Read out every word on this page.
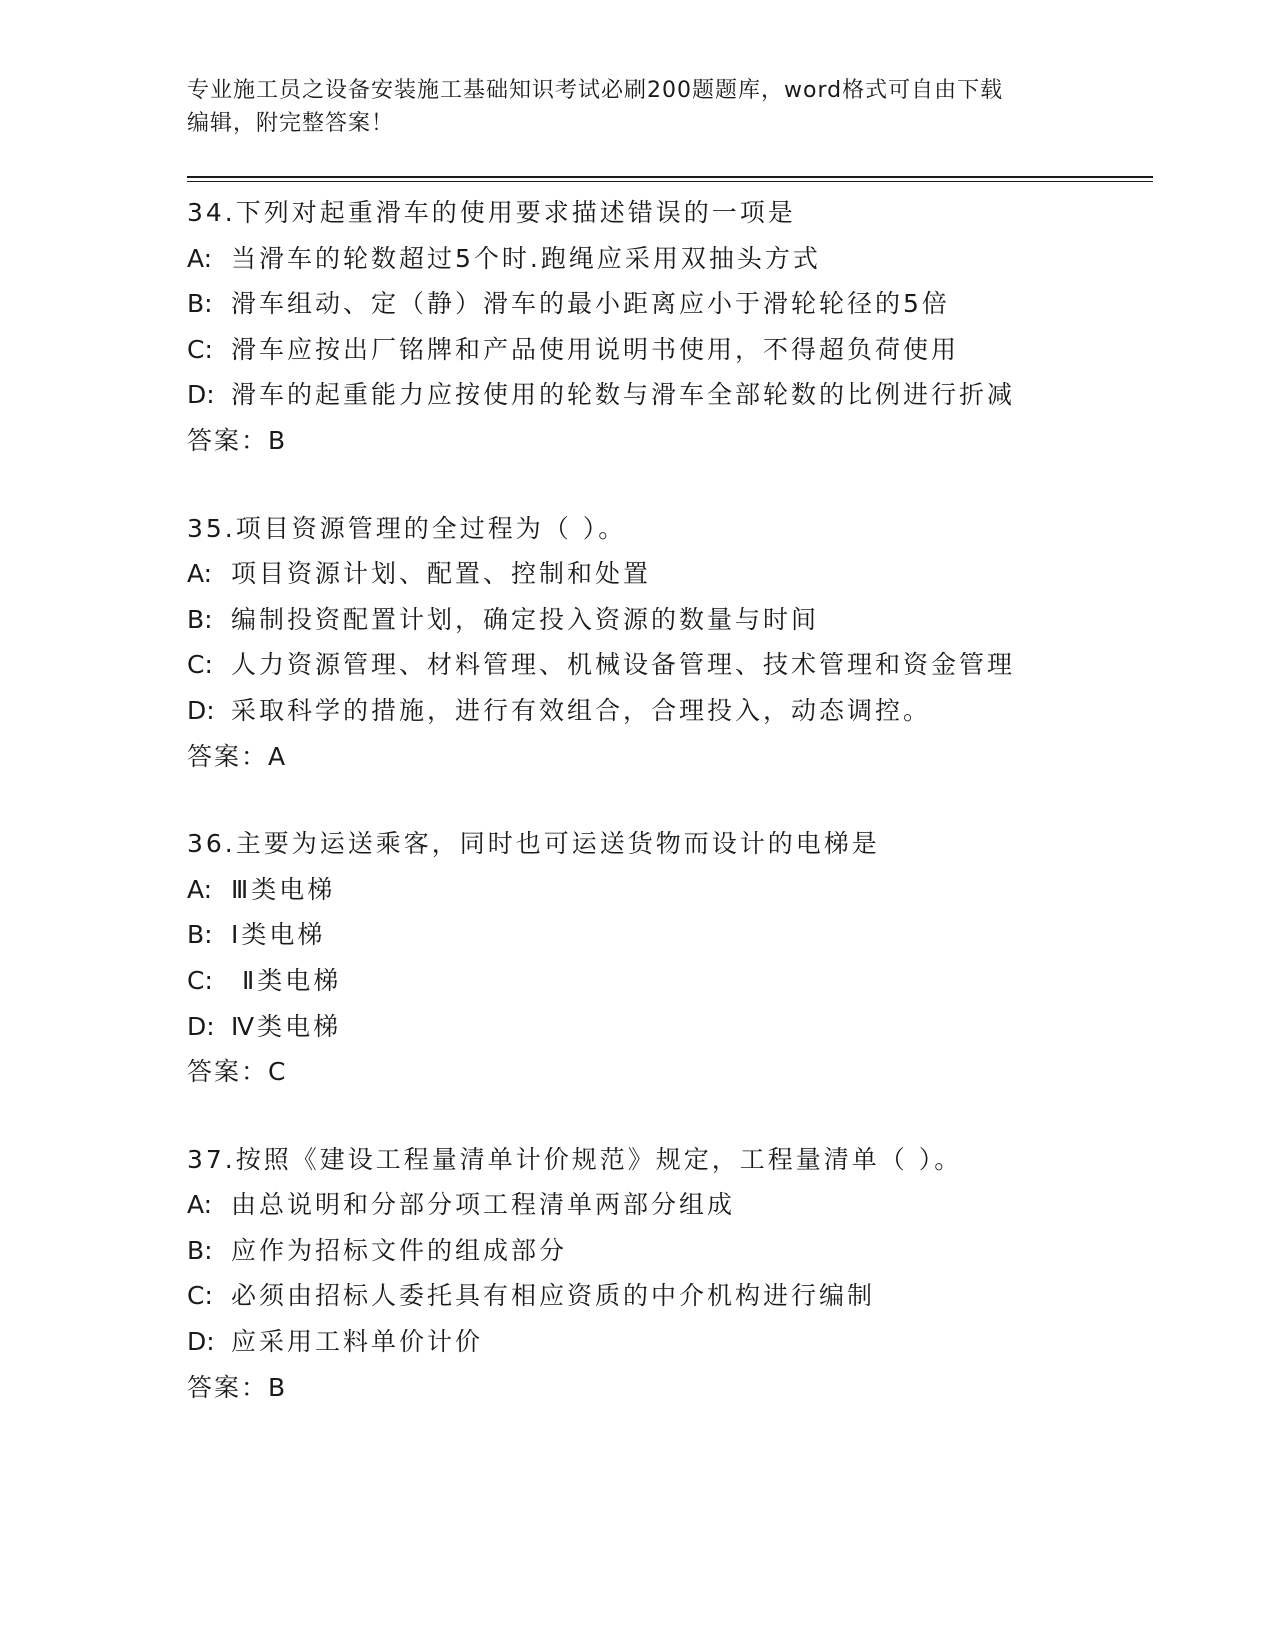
专业施工员之设备安装施工基础知识考试必刷200题题库，word格式可自由下载
编辑，附完整答案！
34.下列对起重滑车的使用要求描述错误的一项是
A: 当滑车的轮数超过5个时.跑绳应采用双抽头方式
B: 滑车组动、定（静）滑车的最小距离应小于滑轮轮径的5倍
C: 滑车应按出厂铭牌和产品使用说明书使用，不得超负荷使用
D: 滑车的起重能力应按使用的轮数与滑车全部轮数的比例进行折减
答案：B
35.项目资源管理的全过程为（ ）。
A: 项目资源计划、配置、控制和处置
B: 编制投资配置计划，确定投入资源的数量与时间
C: 人力资源管理、材料管理、机械设备管理、技术管理和资金管理
D: 采取科学的措施，进行有效组合，合理投入，动态调控。
答案：A
36.主要为运送乘客，同时也可运送货物而设计的电梯是
A: Ⅲ类电梯
B: Ⅰ类电梯
C: Ⅱ类电梯
D: Ⅳ类电梯
答案：C
37.按照《建设工程量清单计价规范》规定，工程量清单（ ）。
A: 由总说明和分部分项工程清单两部分组成
B: 应作为招标文件的组成部分
C: 必须由招标人委托具有相应资质的中介机构进行编制
D: 应采用工料单价计价
答案：B
